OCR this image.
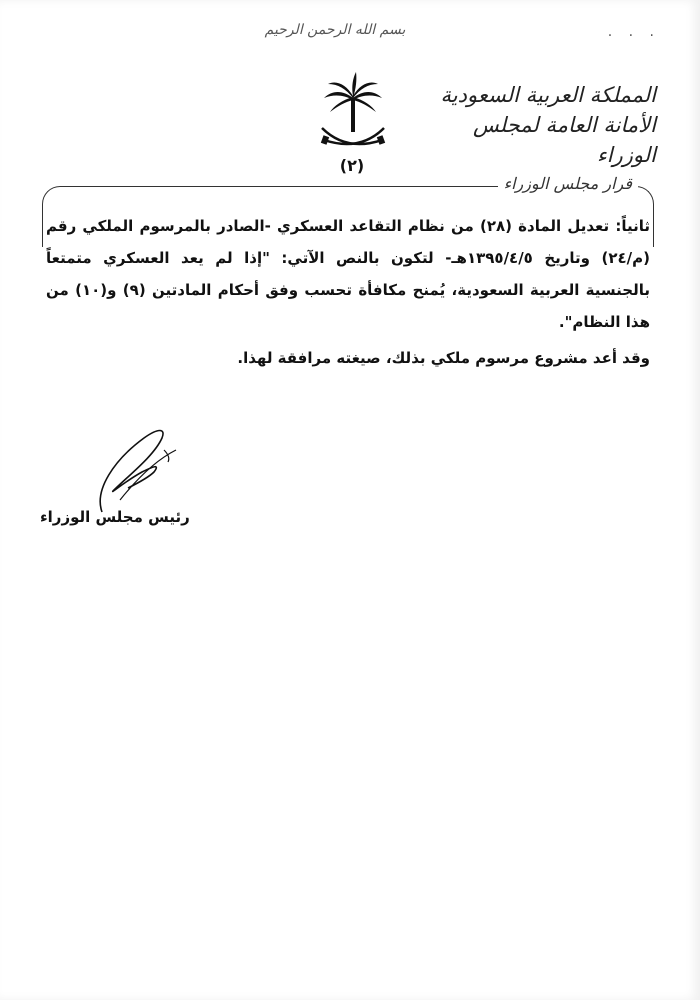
· · ·
بسم الله الرحمن الرحيم
(٢)
المملكة العربية السعودية
الأمانة العامة لمجلس الوزراء
قرار مجلس الوزراء

ثانياً: تعديل المادة (٢٨) من نظام التقاعد العسكري -الصادر بالمرسوم الملكي رقم (م/٢٤) وتاريخ ١٣٩٥/٤/٥هـ- لتكون بالنص الآتي: "إذا لم يعد العسكري متمتعاً بالجنسية العربية السعودية، يُمنح مكافأة تحسب وفق أحكام المادتين (٩) و(١٠) من هذا النظام".

وقد أعد مشروع مرسوم ملكي بذلك، صيغته مرافقة لهذا.

رئيس مجلس الوزراء
